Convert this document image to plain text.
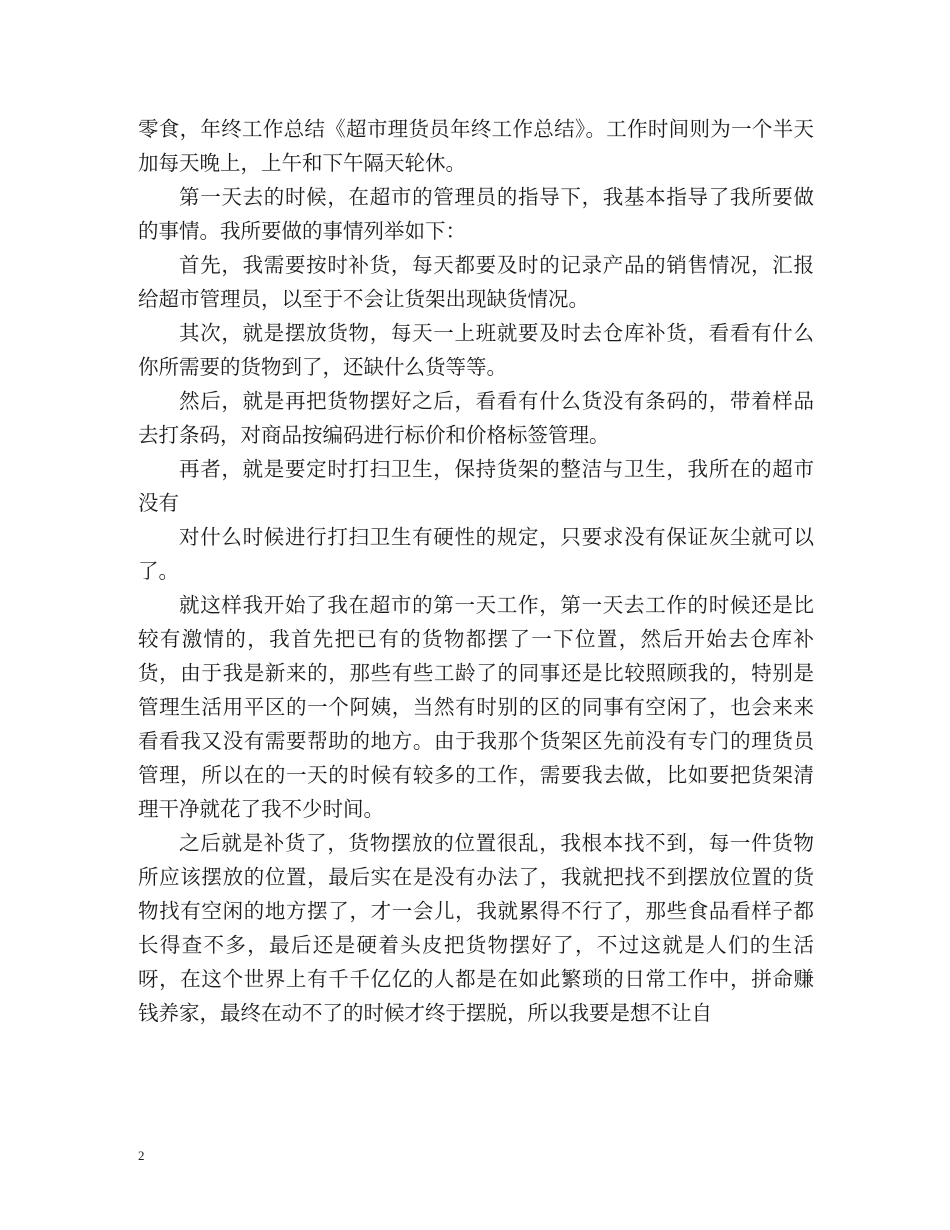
零食，年终工作总结《超市理货员年终工作总结》。工作时间则为一个半天加每天晚上，上午和下午隔天轮休。

第一天去的时候，在超市的管理员的指导下，我基本指导了我所要做的事情。我所要做的事情列举如下：

首先，我需要按时补货，每天都要及时的记录产品的销售情况，汇报给超市管理员，以至于不会让货架出现缺货情况。

其次，就是摆放货物，每天一上班就要及时去仓库补货，看看有什么你所需要的货物到了，还缺什么货等等。

然后，就是再把货物摆好之后，看看有什么货没有条码的，带着样品去打条码，对商品按编码进行标价和价格标签管理。

再者，就是要定时打扫卫生，保持货架的整洁与卫生，我所在的超市没有

对什么时候进行打扫卫生有硬性的规定，只要求没有保证灰尘就可以了。

就这样我开始了我在超市的第一天工作，第一天去工作的时候还是比较有激情的，我首先把已有的货物都摆了一下位置，然后开始去仓库补货，由于我是新来的，那些有些工龄了的同事还是比较照顾我的，特别是管理生活用平区的一个阿姨，当然有时别的区的同事有空闲了，也会来来看看我又没有需要帮助的地方。由于我那个货架区先前没有专门的理货员管理，所以在的一天的时候有较多的工作，需要我去做，比如要把货架清理干净就花了我不少时间。

之后就是补货了，货物摆放的位置很乱，我根本找不到，每一件货物所应该摆放的位置，最后实在是没有办法了，我就把找不到摆放位置的货物找有空闲的地方摆了，才一会儿，我就累得不行了，那些食品看样子都长得查不多，最后还是硬着头皮把货物摆好了，不过这就是人们的生活呀，在这个世界上有千千亿亿的人都是在如此繁琐的日常工作中，拼命赚钱养家，最终在动不了的时候才终于摆脱，所以我要是想不让自

2
